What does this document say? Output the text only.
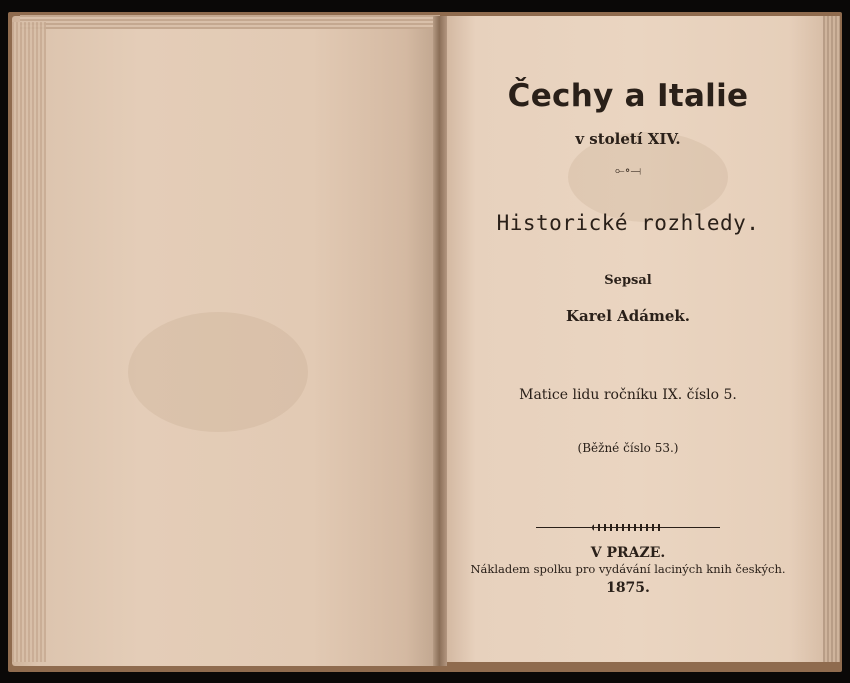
Čechy a Italie
v století XIV.
⟜∘⟞
Historické rozhledy.
Sepsal
Karel Adámek.
Matice lidu ročníku IX. číslo 5.
(Běžné číslo 53.)
V PRAZE.
Nákladem spolku pro vydávání laciných knih českých.
1875.
